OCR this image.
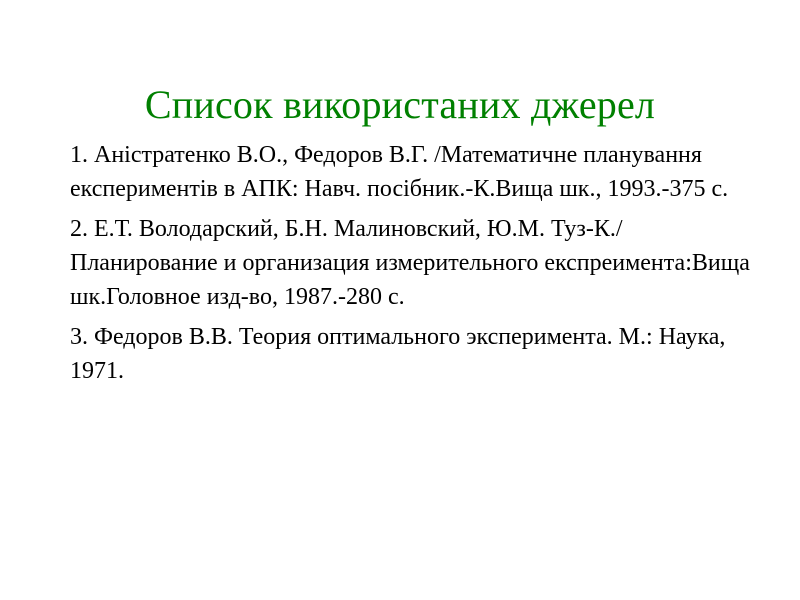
Список використаних джерел

1. Аністратенко В.О., Федоров В.Г. /Математичне планування експериментів в АПК: Навч. посібник.-К.Вища шк., 1993.-375 с.

2. Е.Т. Володарский, Б.Н. Малиновский, Ю.М. Туз-К./Планирование и организация измерительного експреимента:Вища шк.Головное изд-во, 1987.-280 с.

3. Федоров В.В. Теория оптимального эксперимента. М.: Наука, 1971.
